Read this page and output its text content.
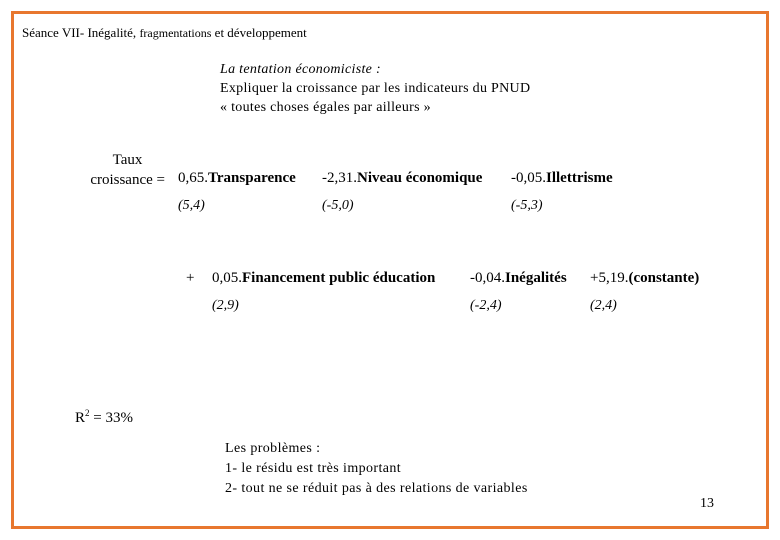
Séance VII- Inégalité, fragmentations et développement
La tentation économiciste :
Expliquer la croissance par les indicateurs du PNUD
« toutes choses égales par ailleurs »
Taux
croissance = 0,65.Transparence
(5,4)
-2,31.Niveau économique
(-5,0)
-0,05.Illettrisme
(-5,3)
+ 0,05.Financement public éducation
(2,9)
-0,04.Inégalités
(-2,4)
+5,19.(constante)
(2,4)
$R^2 = 33\%$
Les problèmes :
1- le résidu est très important
2- tout ne se réduit pas à des relations de variables
13
